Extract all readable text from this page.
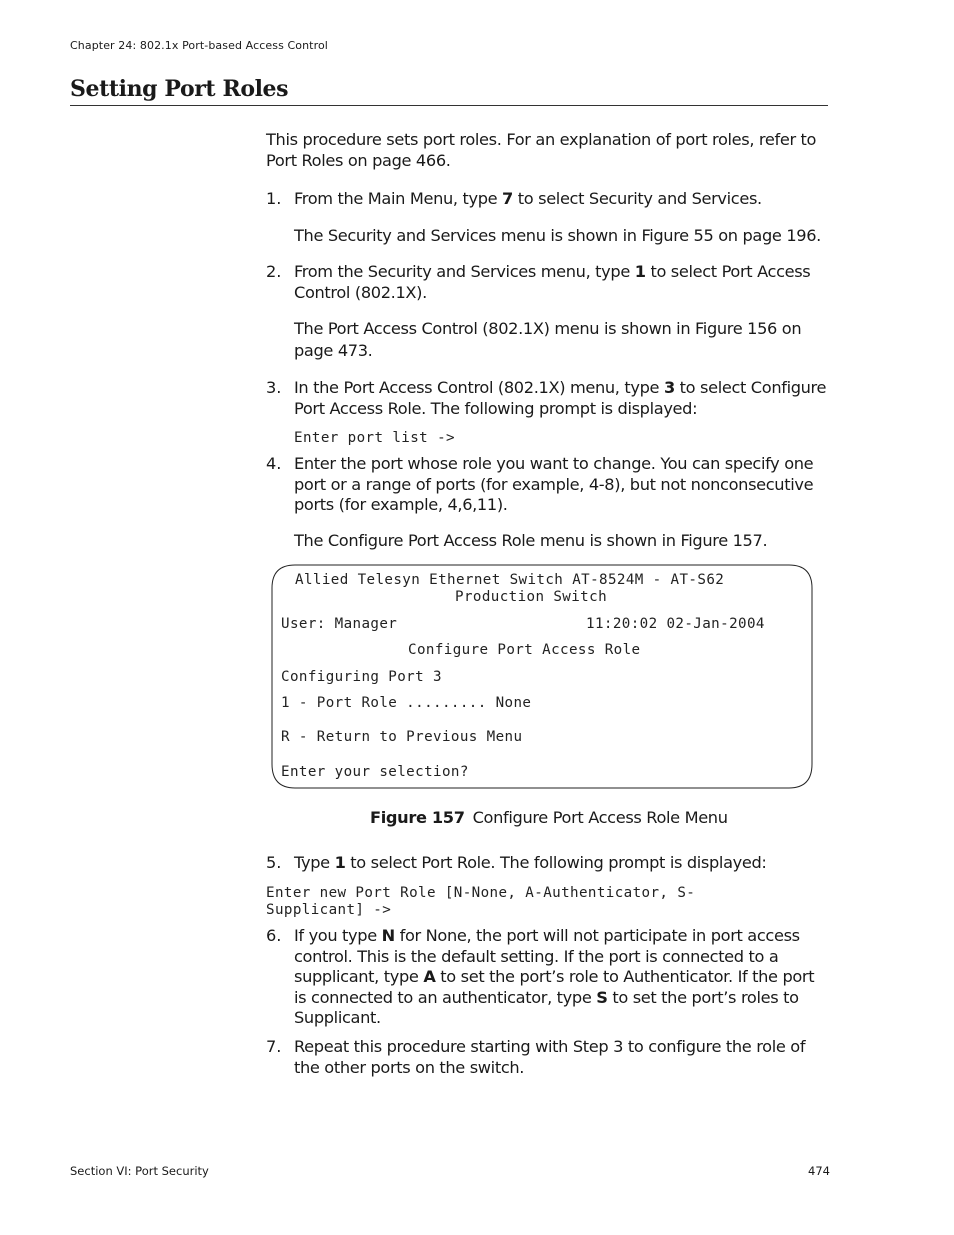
Chapter 24: 802.1x Port-based Access Control
Setting Port Roles
This procedure sets port roles. For an explanation of port roles, refer to Port Roles on page 466.
1. From the Main Menu, type 7 to select Security and Services.
The Security and Services menu is shown in Figure 55 on page 196.
2. From the Security and Services menu, type 1 to select Port Access Control (802.1X).
The Port Access Control (802.1X) menu is shown in Figure 156 on page 473.
3. In the Port Access Control (802.1X) menu, type 3 to select Configure Port Access Role. The following prompt is displayed:
Enter port list ->
4. Enter the port whose role you want to change. You can specify one port or a range of ports (for example, 4-8), but not nonconsecutive ports (for example, 4,6,11).
The Configure Port Access Role menu is shown in Figure 157.
Allied Telesyn Ethernet Switch AT-8524M - AT-S62
Production Switch
User: Manager	11:20:02 02-Jan-2004
Configure Port Access Role
Configuring Port 3
1 - Port Role ......... None
R - Return to Previous Menu
Enter your selection?
Figure 157 Configure Port Access Role Menu
5. Type 1 to select Port Role. The following prompt is displayed:
Enter new Port Role [N-None, A-Authenticator, S-
Supplicant] ->
6. If you type N for None, the port will not participate in port access control. This is the default setting. If the port is connected to a supplicant, type A to set the port’s role to Authenticator. If the port is connected to an authenticator, type S to set the port’s roles to Supplicant.
7. Repeat this procedure starting with Step 3 to configure the role of the other ports on the switch.
Section VI: Port Security	474
